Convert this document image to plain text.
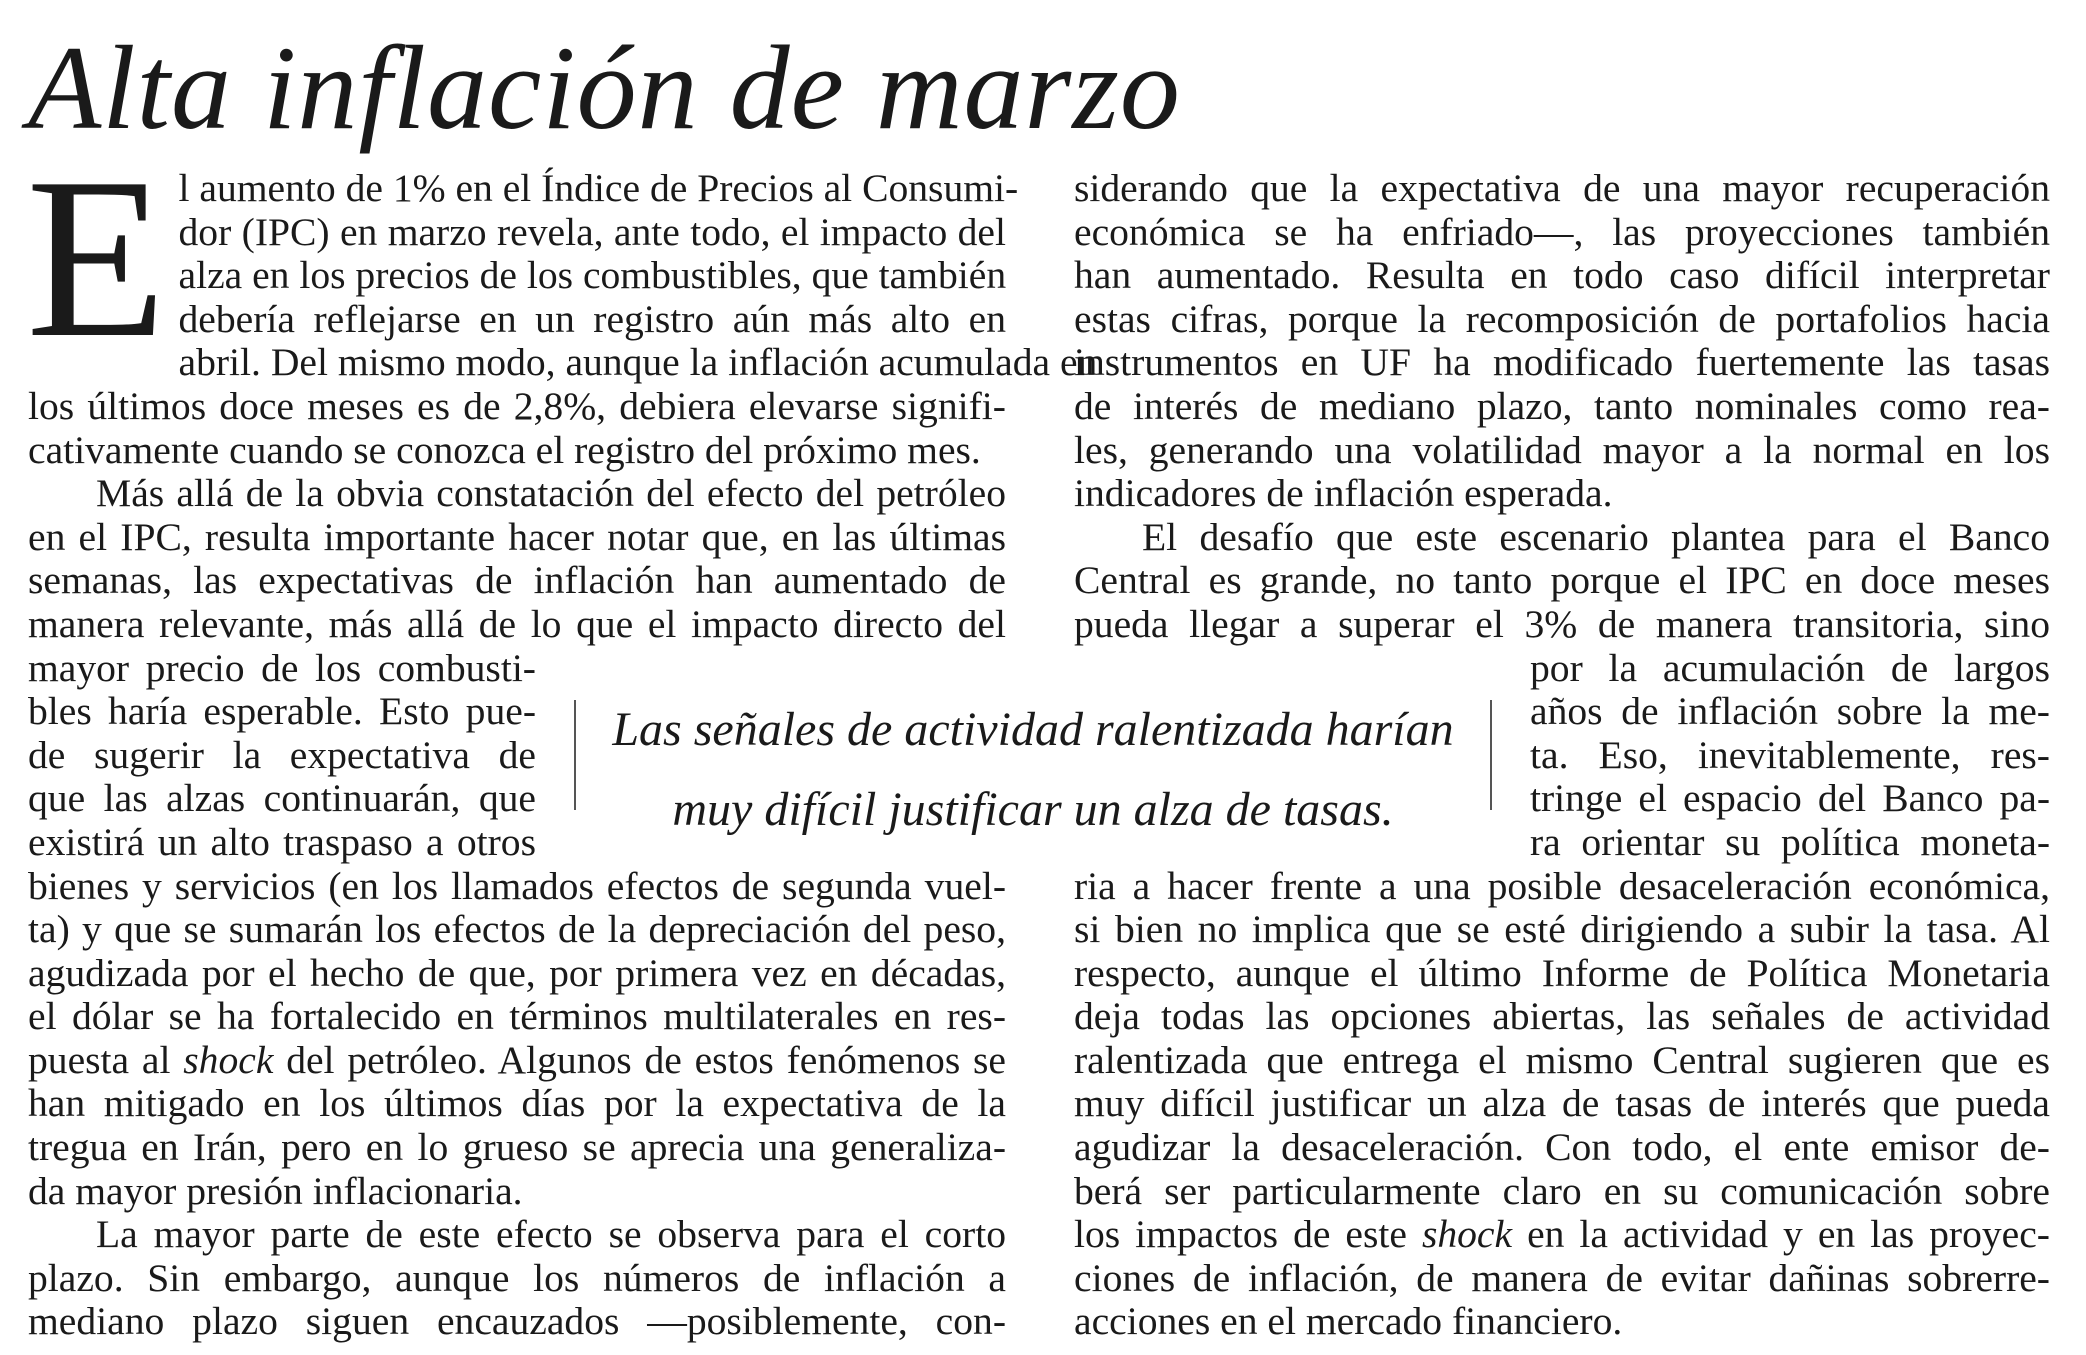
Alta inflación de marzo

E l aumento de 1% en el Índice de Precios al Consumi-
dor (IPC) en marzo revela, ante todo, el impacto del
alza en los precios de los combustibles, que también
debería reflejarse en un registro aún más alto en
abril. Del mismo modo, aunque la inflación acumulada en
los últimos doce meses es de 2,8%, debiera elevarse signifi-
cativamente cuando se conozca el registro del próximo mes.

Más allá de la obvia constatación del efecto del petróleo
en el IPC, resulta importante hacer notar que, en las últimas
semanas, las expectativas de inflación han aumentado de
manera relevante, más allá de lo que el impacto directo del
mayor precio de los combusti-
bles haría esperable. Esto pue-
de sugerir la expectativa de
que las alzas continuarán, que
existirá un alto traspaso a otros
bienes y servicios (en los llamados efectos de segunda vuel-
ta) y que se sumarán los efectos de la depreciación del peso,
agudizada por el hecho de que, por primera vez en décadas,
el dólar se ha fortalecido en términos multilaterales en res-
puesta al shock del petróleo. Algunos de estos fenómenos se
han mitigado en los últimos días por la expectativa de la
tregua en Irán, pero en lo grueso se aprecia una generaliza-
da mayor presión inflacionaria.

La mayor parte de este efecto se observa para el corto
plazo. Sin embargo, aunque los números de inflación a
mediano plazo siguen encauzados —posiblemente, con-

siderando que la expectativa de una mayor recuperación
económica se ha enfriado—, las proyecciones también
han aumentado. Resulta en todo caso difícil interpretar
estas cifras, porque la recomposición de portafolios hacia
instrumentos en UF ha modificado fuertemente las tasas
de interés de mediano plazo, tanto nominales como rea-
les, generando una volatilidad mayor a la normal en los
indicadores de inflación esperada.

El desafío que este escenario plantea para el Banco
Central es grande, no tanto porque el IPC en doce meses
pueda llegar a superar el 3% de manera transitoria, sino
por la acumulación de largos
años de inflación sobre la me-
ta. Eso, inevitablemente, res-
tringe el espacio del Banco pa-
ra orientar su política moneta-
ria a hacer frente a una posible desaceleración económica,
si bien no implica que se esté dirigiendo a subir la tasa. Al
respecto, aunque el último Informe de Política Monetaria
deja todas las opciones abiertas, las señales de actividad
ralentizada que entrega el mismo Central sugieren que es
muy difícil justificar un alza de tasas de interés que pueda
agudizar la desaceleración. Con todo, el ente emisor de-
berá ser particularmente claro en su comunicación sobre
los impactos de este shock en la actividad y en las proyec-
ciones de inflación, de manera de evitar dañinas sobrerre-
acciones en el mercado financiero.

Las señales de actividad ralentizada harían
muy difícil justificar un alza de tasas.
